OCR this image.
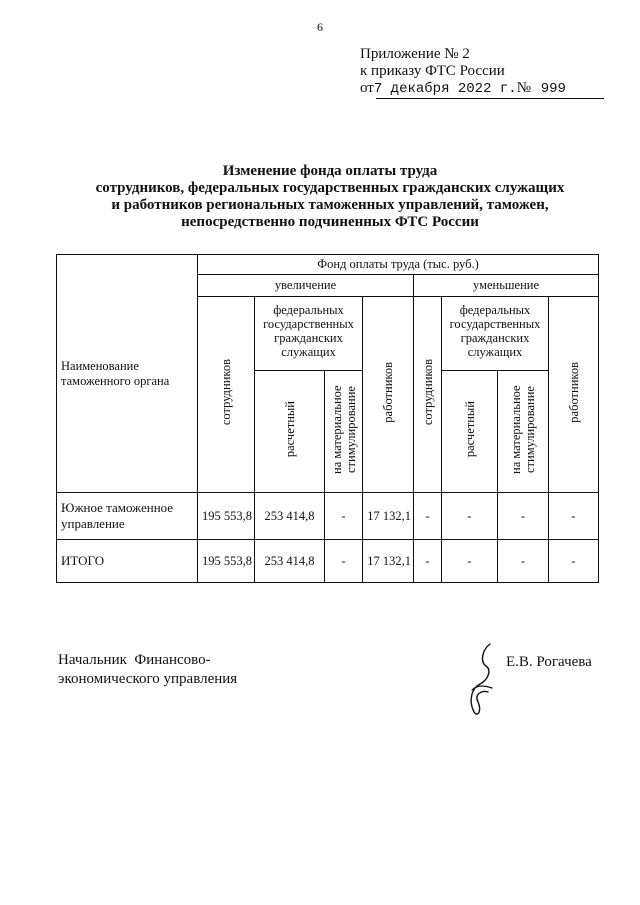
6
Приложение № 2
к приказу ФТС России
от7 декабря 2022 г.№ 999
Изменение фонда оплаты труда
сотрудников, федеральных государственных гражданских служащих
и работников региональных таможенных управлений, таможен,
непосредственно подчиненных ФТС России
Наименование таможенного органа	Фонд оплаты труда (тыс. руб.)							
	увеличение				уменьшение			
	сотрудников	федеральных государственных гражданских служащих		работников	сотрудников	федеральных государственных гражданских служащих		работников
		расчетный	на материальное стимулирование			расчетный	на материальное стимулирование	
Южное таможенное управление	195 553,8	253 414,8	-	17 132,1	-	-	-	-
ИТОГО	195 553,8	253 414,8	-	17 132,1	-	-	-	-
Начальник  Финансово-
экономического управления
Е.В. Рогачева
